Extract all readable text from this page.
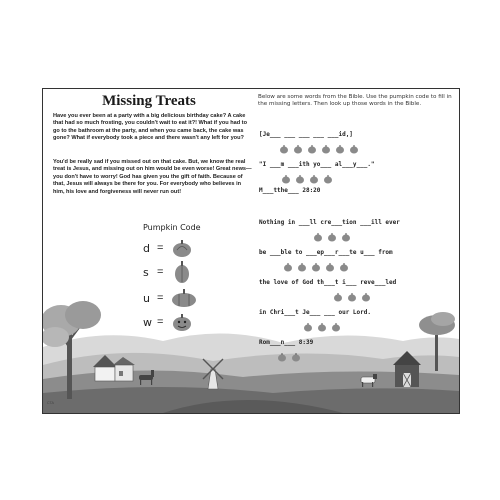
Missing Treats

Have you ever been at a party with a big delicious birthday cake? A cake that had so much frosting, you couldn't wait to eat it?! What if you had to go to the bathroom at the party, and when you came back, the cake was gone? What if everybody took a piece and there wasn't any left for you?

You'd be really sad if you missed out on that cake. But, we know the real treat is Jesus, and missing out on him would be even worse! Great news—you don't have to worry! God has given you the gift of faith. Because of that, Jesus will always be there for you. For everybody who believes in him, his love and forgiveness will never run out!

Pumpkin Code
d =
s =
u =
w =

Below are some words from the Bible. Use the pumpkin code to fill in the missing letters. Then look up those words in the Bible.

[Je___ ___ ___ ___ ___id,]
"I ___m ___ith yo___ al___y___."
M___tthe___ 28:20
Nothing in ___ll cre___tion ___ill ever
be ___ble to ___ep___r___te u___ from
the love of God th___t i___ reve___led
in Chri___t Je___ ___ our Lord.
Rom___n___ 8:39
CTA
